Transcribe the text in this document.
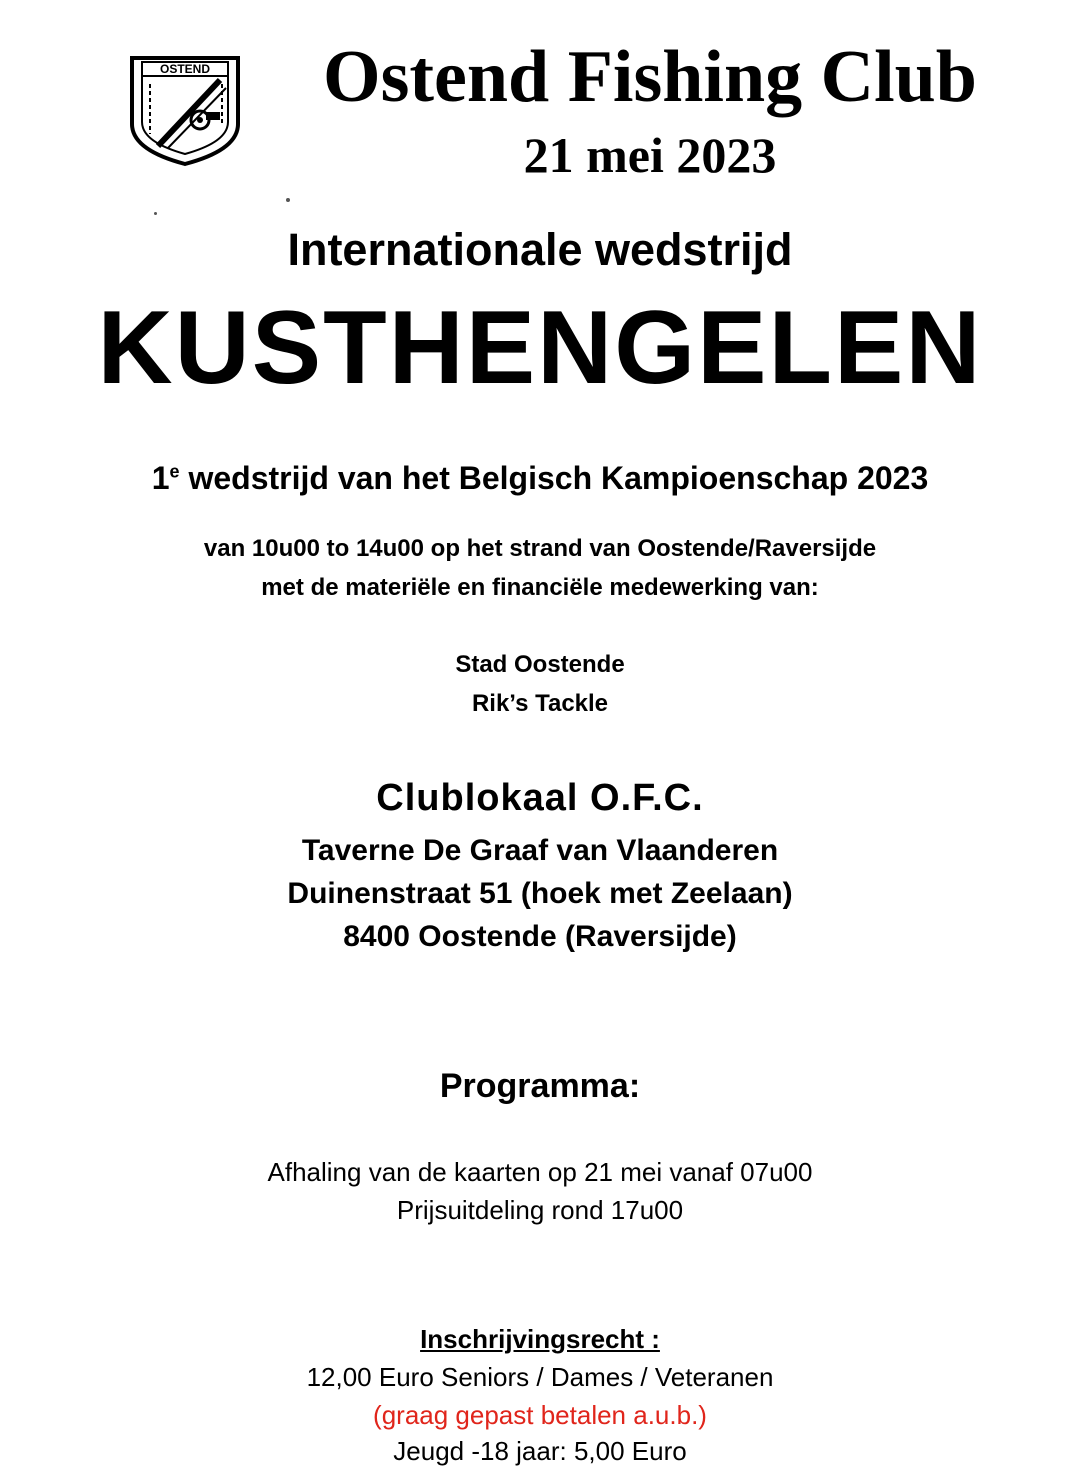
OSTEND	Ostend Fishing Club
21 mei 2023
Internationale wedstrijd
KUSTHENGELEN
1e wedstrijd van het Belgisch Kampioenschap 2023
van 10u00 to 14u00 op het strand van Oostende/Raversijde
met de materiële en financiële medewerking van:
Stad Oostende
Rik’s Tackle
Clublokaal O.F.C.
Taverne De Graaf van Vlaanderen
Duinenstraat 51 (hoek met Zeelaan)
8400 Oostende (Raversijde)
Programma:
Afhaling van de kaarten op 21 mei vanaf 07u00
Prijsuitdeling rond 17u00
Inschrijvingsrecht :
12,00 Euro Seniors / Dames / Veteranen
(graag gepast betalen a.u.b.)
Jeugd -18 jaar: 5,00 Euro
